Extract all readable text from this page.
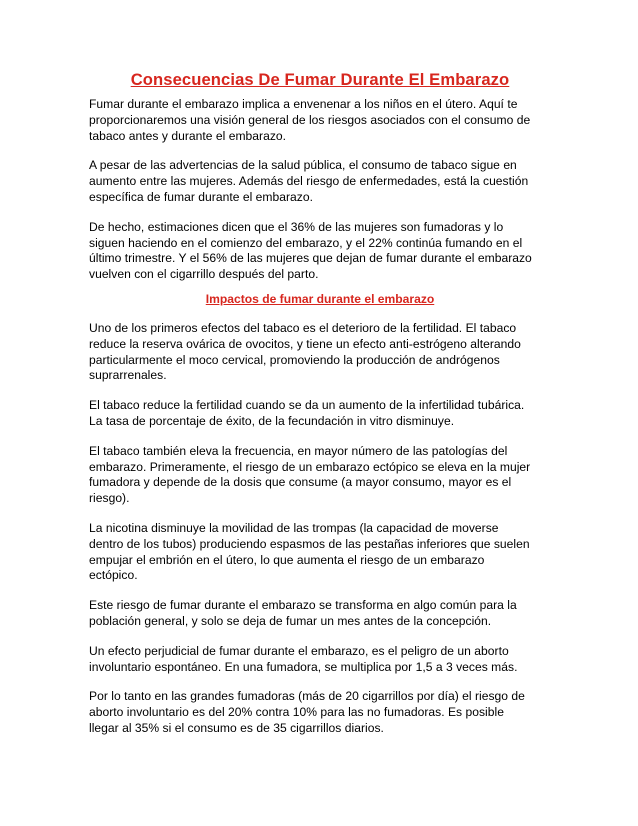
Consecuencias De Fumar Durante El Embarazo

Fumar durante el embarazo implica a envenenar a los niños en el útero. Aquí te
proporcionaremos una visión general de los riesgos asociados con el consumo de
tabaco antes y durante el embarazo.

A pesar de las advertencias de la salud pública, el consumo de tabaco sigue en
aumento entre las mujeres. Además del riesgo de enfermedades, está la cuestión
específica de fumar durante el embarazo.

De hecho, estimaciones dicen que el 36% de las mujeres son fumadoras y lo
siguen haciendo en el comienzo del embarazo, y el 22% continúa fumando en el
último trimestre. Y el 56% de las mujeres que dejan de fumar durante el embarazo
vuelven con el cigarrillo después del parto.

Impactos de fumar durante el embarazo

Uno de los primeros efectos del tabaco es el deterioro de la fertilidad. El tabaco
reduce la reserva ovárica de ovocitos, y tiene un efecto anti-estrógeno alterando
particularmente el moco cervical, promoviendo la producción de andrógenos
suprarrenales.

El tabaco reduce la fertilidad cuando se da un aumento de la infertilidad tubárica.
La tasa de porcentaje de éxito, de la fecundación in vitro disminuye.

El tabaco también eleva la frecuencia, en mayor número de las patologías del
embarazo. Primeramente, el riesgo de un embarazo ectópico se eleva en la mujer
fumadora y depende de la dosis que consume (a mayor consumo, mayor es el
riesgo).

La nicotina disminuye la movilidad de las trompas (la capacidad de moverse
dentro de los tubos) produciendo espasmos de las pestañas inferiores que suelen
empujar el embrión en el útero, lo que aumenta el riesgo de un embarazo
ectópico.

Este riesgo de fumar durante el embarazo se transforma en algo común para la
población general, y solo se deja de fumar un mes antes de la concepción.

Un efecto perjudicial de fumar durante el embarazo, es el peligro de un aborto
involuntario espontáneo. En una fumadora, se multiplica por 1,5 a 3 veces más.

Por lo tanto en las grandes fumadoras (más de 20 cigarrillos por día) el riesgo de
aborto involuntario es del 20% contra 10% para las no fumadoras. Es posible
llegar al 35% si el consumo es de 35 cigarrillos diarios.
